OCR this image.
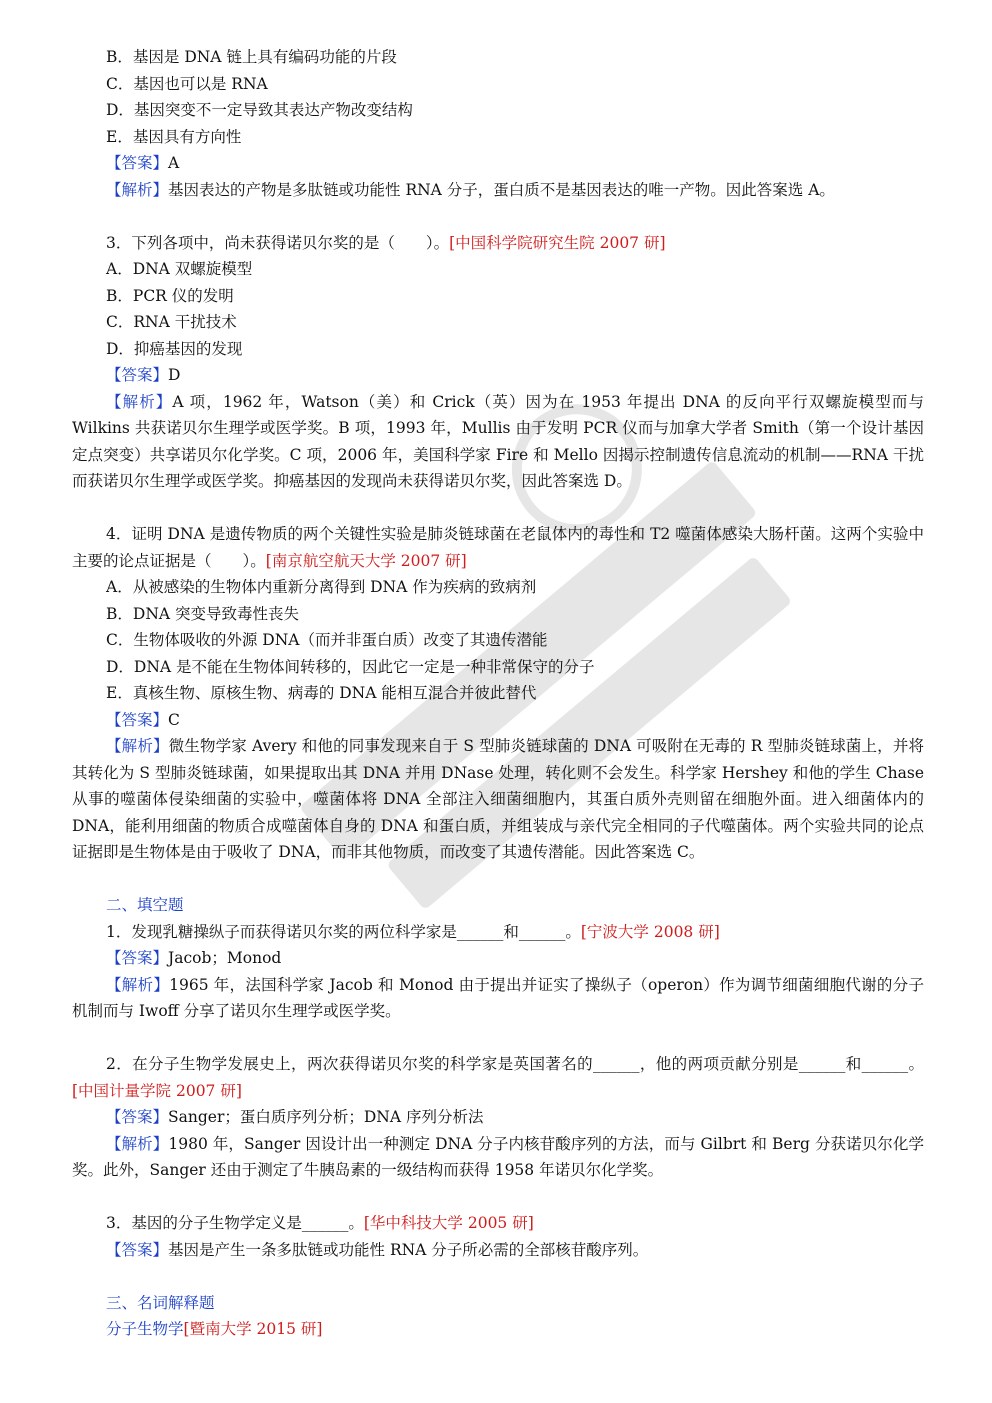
B．基因是 DNA 链上具有编码功能的片段
C．基因也可以是 RNA
D．基因突变不一定导致其表达产物改变结构
E．基因具有方向性
【答案】A
【解析】基因表达的产物是多肽链或功能性 RNA 分子，蛋白质不是基因表达的唯一产物。因此答案选 A。
3．下列各项中，尚未获得诺贝尔奖的是（　　）。[中国科学院研究生院 2007 研]
A．DNA 双螺旋模型
B．PCR 仪的发明
C．RNA 干扰技术
D．抑癌基因的发现
【答案】D
【解析】A 项，1962 年，Watson（美）和 Crick（英）因为在 1953 年提出 DNA 的反向平行双螺旋模型而与 Wilkins 共获诺贝尔生理学或医学奖。B 项，1993 年，Mullis 由于发明 PCR 仪而与加拿大学者 Smith（第一个设计基因定点突变）共享诺贝尔化学奖。C 项，2006 年，美国科学家 Fire 和 Mello 因揭示控制遗传信息流动的机制——RNA 干扰而获诺贝尔生理学或医学奖。抑癌基因的发现尚未获得诺贝尔奖，因此答案选 D。
4．证明 DNA 是遗传物质的两个关键性实验是肺炎链球菌在老鼠体内的毒性和 T2 噬菌体感染大肠杆菌。这两个实验中主要的论点证据是（　　）。[南京航空航天大学 2007 研]
A．从被感染的生物体内重新分离得到 DNA 作为疾病的致病剂
B．DNA 突变导致毒性丧失
C．生物体吸收的外源 DNA（而并非蛋白质）改变了其遗传潜能
D．DNA 是不能在生物体间转移的，因此它一定是一种非常保守的分子
E．真核生物、原核生物、病毒的 DNA 能相互混合并彼此替代
【答案】C
【解析】微生物学家 Avery 和他的同事发现来自于 S 型肺炎链球菌的 DNA 可吸附在无毒的 R 型肺炎链球菌上，并将其转化为 S 型肺炎链球菌，如果提取出其 DNA 并用 DNase 处理，转化则不会发生。科学家 Hershey 和他的学生 Chase 从事的噬菌体侵染细菌的实验中，噬菌体将 DNA 全部注入细菌细胞内，其蛋白质外壳则留在细胞外面。进入细菌体内的 DNA，能利用细菌的物质合成噬菌体自身的 DNA 和蛋白质，并组装成与亲代完全相同的子代噬菌体。两个实验共同的论点证据即是生物体是由于吸收了 DNA，而非其他物质，而改变了其遗传潜能。因此答案选 C。
二、填空题
1．发现乳糖操纵子而获得诺贝尔奖的两位科学家是______和______。[宁波大学 2008 研]
【答案】Jacob；Monod
【解析】1965 年，法国科学家 Jacob 和 Monod 由于提出并证实了操纵子（operon）作为调节细菌细胞代谢的分子机制而与 Iwoff 分享了诺贝尔生理学或医学奖。
2．在分子生物学发展史上，两次获得诺贝尔奖的科学家是英国著名的______，他的两项贡献分别是______和______。[中国计量学院 2007 研]
【答案】Sanger；蛋白质序列分析；DNA 序列分析法
【解析】1980 年，Sanger 因设计出一种测定 DNA 分子内核苷酸序列的方法，而与 Gilbrt 和 Berg 分获诺贝尔化学奖。此外，Sanger 还由于测定了牛胰岛素的一级结构而获得 1958 年诺贝尔化学奖。
3．基因的分子生物学定义是______。[华中科技大学 2005 研]
【答案】基因是产生一条多肽链或功能性 RNA 分子所必需的全部核苷酸序列。
三、名词解释题
分子生物学[暨南大学 2015 研]
